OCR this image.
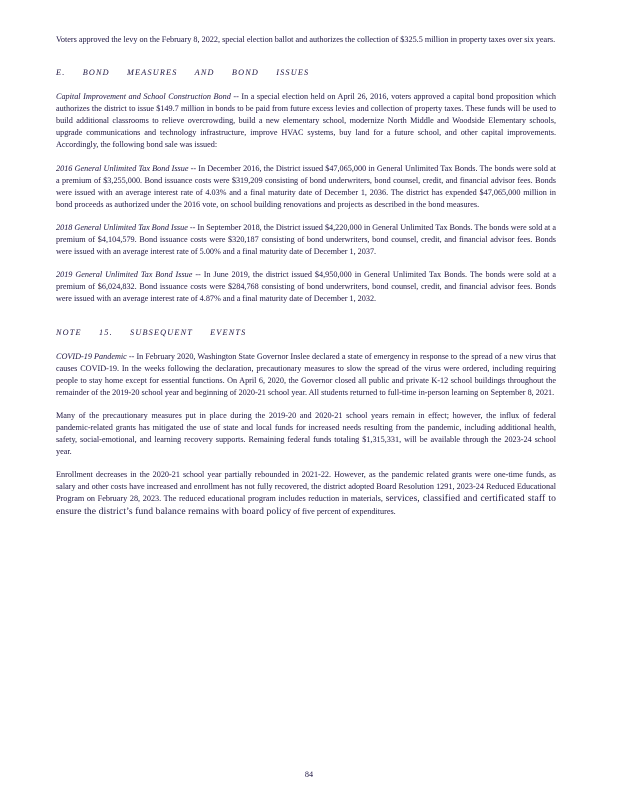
Voters approved the levy on the February 8, 2022, special election ballot and authorizes the collection of $325.5 million in property taxes over six years.

E. BOND MEASURES AND BOND ISSUES

Capital Improvement and School Construction Bond -- In a special election held on April 26, 2016, voters approved a capital bond proposition which authorizes the district to issue $149.7 million in bonds to be paid from future excess levies and collection of property taxes. These funds will be used to build additional classrooms to relieve overcrowding, build a new elementary school, modernize North Middle and Woodside Elementary schools, upgrade communications and technology infrastructure, improve HVAC systems, buy land for a future school, and other capital improvements. Accordingly, the following bond sale was issued:

2016 General Unlimited Tax Bond Issue -- In December 2016, the District issued $47,065,000 in General Unlimited Tax Bonds. The bonds were sold at a premium of $3,255,000. Bond issuance costs were $319,209 consisting of bond underwriters, bond counsel, credit, and financial advisor fees. Bonds were issued with an average interest rate of 4.03% and a final maturity date of December 1, 2036. The district has expended $47,065,000 million in bond proceeds as authorized under the 2016 vote, on school building renovations and projects as described in the bond measures.

2018 General Unlimited Tax Bond Issue -- In September 2018, the District issued $4,220,000 in General Unlimited Tax Bonds. The bonds were sold at a premium of $4,104,579. Bond issuance costs were $320,187 consisting of bond underwriters, bond counsel, credit, and financial advisor fees. Bonds were issued with an average interest rate of 5.00% and a final maturity date of December 1, 2037.

2019 General Unlimited Tax Bond Issue -- In June 2019, the district issued $4,950,000 in General Unlimited Tax Bonds. The bonds were sold at a premium of $6,024,832. Bond issuance costs were $284,768 consisting of bond underwriters, bond counsel, credit, and financial advisor fees. Bonds were issued with an average interest rate of 4.87% and a final maturity date of December 1, 2032.

NOTE 15. SUBSEQUENT EVENTS

COVID-19 Pandemic -- In February 2020, Washington State Governor Inslee declared a state of emergency in response to the spread of a new virus that causes COVID-19. In the weeks following the declaration, precautionary measures to slow the spread of the virus were ordered, including requiring people to stay home except for essential functions. On April 6, 2020, the Governor closed all public and private K-12 school buildings throughout the remainder of the 2019-20 school year and beginning of 2020-21 school year. All students returned to full-time in-person learning on September 8, 2021.

Many of the precautionary measures put in place during the 2019-20 and 2020-21 school years remain in effect; however, the influx of federal pandemic-related grants has mitigated the use of state and local funds for increased needs resulting from the pandemic, including additional health, safety, social-emotional, and learning recovery supports. Remaining federal funds totaling $1,315,331, will be available through the 2023-24 school year.

Enrollment decreases in the 2020-21 school year partially rebounded in 2021-22. However, as the pandemic related grants were one-time funds, as salary and other costs have increased and enrollment has not fully recovered, the district adopted Board Resolution 1291, 2023-24 Reduced Educational Program on February 28, 2023. The reduced educational program includes reduction in materials, services, classified and certificated staff to ensure the district’s fund balance remains with board policy of five percent of expenditures.

84
